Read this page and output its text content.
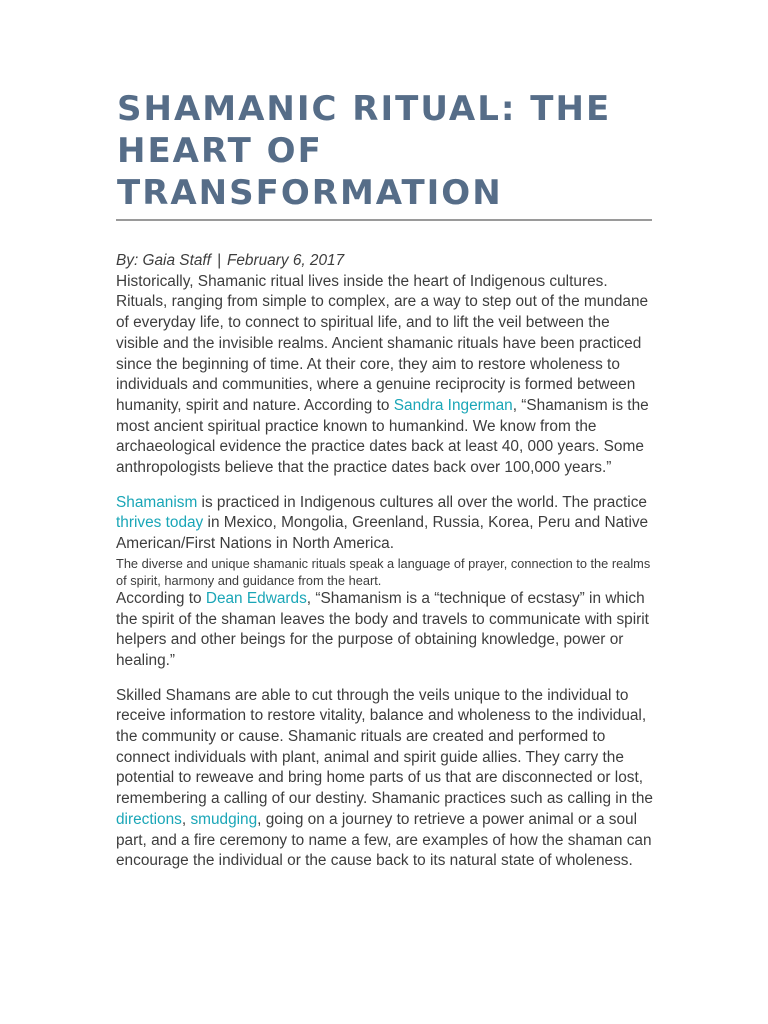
SHAMANIC RITUAL: THE HEART OF TRANSFORMATION
By: Gaia Staff | February 6, 2017

Historically, Shamanic ritual lives inside the heart of Indigenous cultures. Rituals, ranging from simple to complex, are a way to step out of the mundane of everyday life, to connect to spiritual life, and to lift the veil between the visible and the invisible realms. Ancient shamanic rituals have been practiced since the beginning of time. At their core, they aim to restore wholeness to individuals and communities, where a genuine reciprocity is formed between humanity, spirit and nature. According to Sandra Ingerman, “Shamanism is the most ancient spiritual practice known to humankind. We know from the archaeological evidence the practice dates back at least 40, 000 years. Some anthropologists believe that the practice dates back over 100,000 years.”

Shamanism is practiced in Indigenous cultures all over the world. The practice thrives today in Mexico, Mongolia, Greenland, Russia, Korea, Peru and Native American/First Nations in North America.

The diverse and unique shamanic rituals speak a language of prayer, connection to the realms of spirit, harmony and guidance from the heart.

According to Dean Edwards, “Shamanism is a “technique of ecstasy” in which the spirit of the shaman leaves the body and travels to communicate with spirit helpers and other beings for the purpose of obtaining knowledge, power or healing.”

Skilled Shamans are able to cut through the veils unique to the individual to receive information to restore vitality, balance and wholeness to the individual, the community or cause. Shamanic rituals are created and performed to connect individuals with plant, animal and spirit guide allies. They carry the potential to reweave and bring home parts of us that are disconnected or lost, remembering a calling of our destiny. Shamanic practices such as calling in the directions, smudging, going on a journey to retrieve a power animal or a soul part, and a fire ceremony to name a few, are examples of how the shaman can encourage the individual or the cause back to its natural state of wholeness.
